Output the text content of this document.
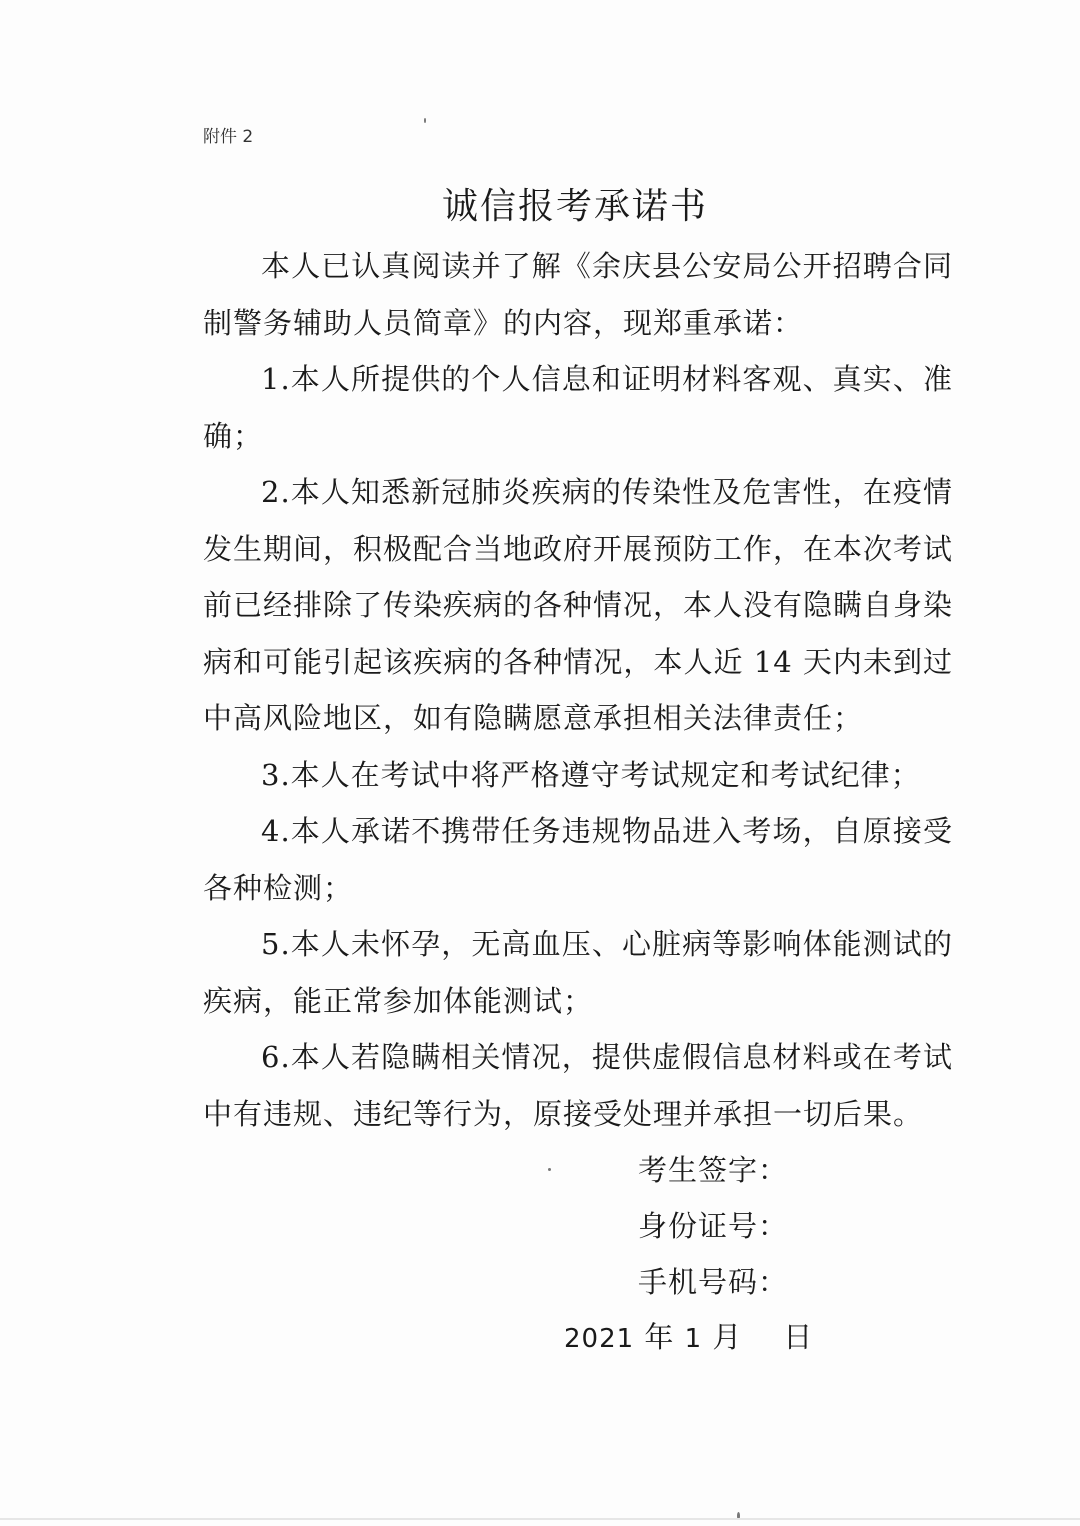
附件 2
诚信报考承诺书

本人已认真阅读并了解《余庆县公安局公开招聘合同制警务辅助人员简章》的内容，现郑重承诺：

1.本人所提供的个人信息和证明材料客观、真实、准确；

2.本人知悉新冠肺炎疾病的传染性及危害性，在疫情发生期间，积极配合当地政府开展预防工作，在本次考试前已经排除了传染疾病的各种情况，本人没有隐瞒自身染病和可能引起该疾病的各种情况，本人近 14 天内未到过中高风险地区，如有隐瞒愿意承担相关法律责任；

3.本人在考试中将严格遵守考试规定和考试纪律；

4.本人承诺不携带任务违规物品进入考场，自原接受各种检测；

5.本人未怀孕，无高血压、心脏病等影响体能测试的疾病，能正常参加体能测试；

6.本人若隐瞒相关情况，提供虚假信息材料或在考试中有违规、违纪等行为，原接受处理并承担一切后果。

考生签字：
身份证号：
手机号码：
2021 年 1 月 日
